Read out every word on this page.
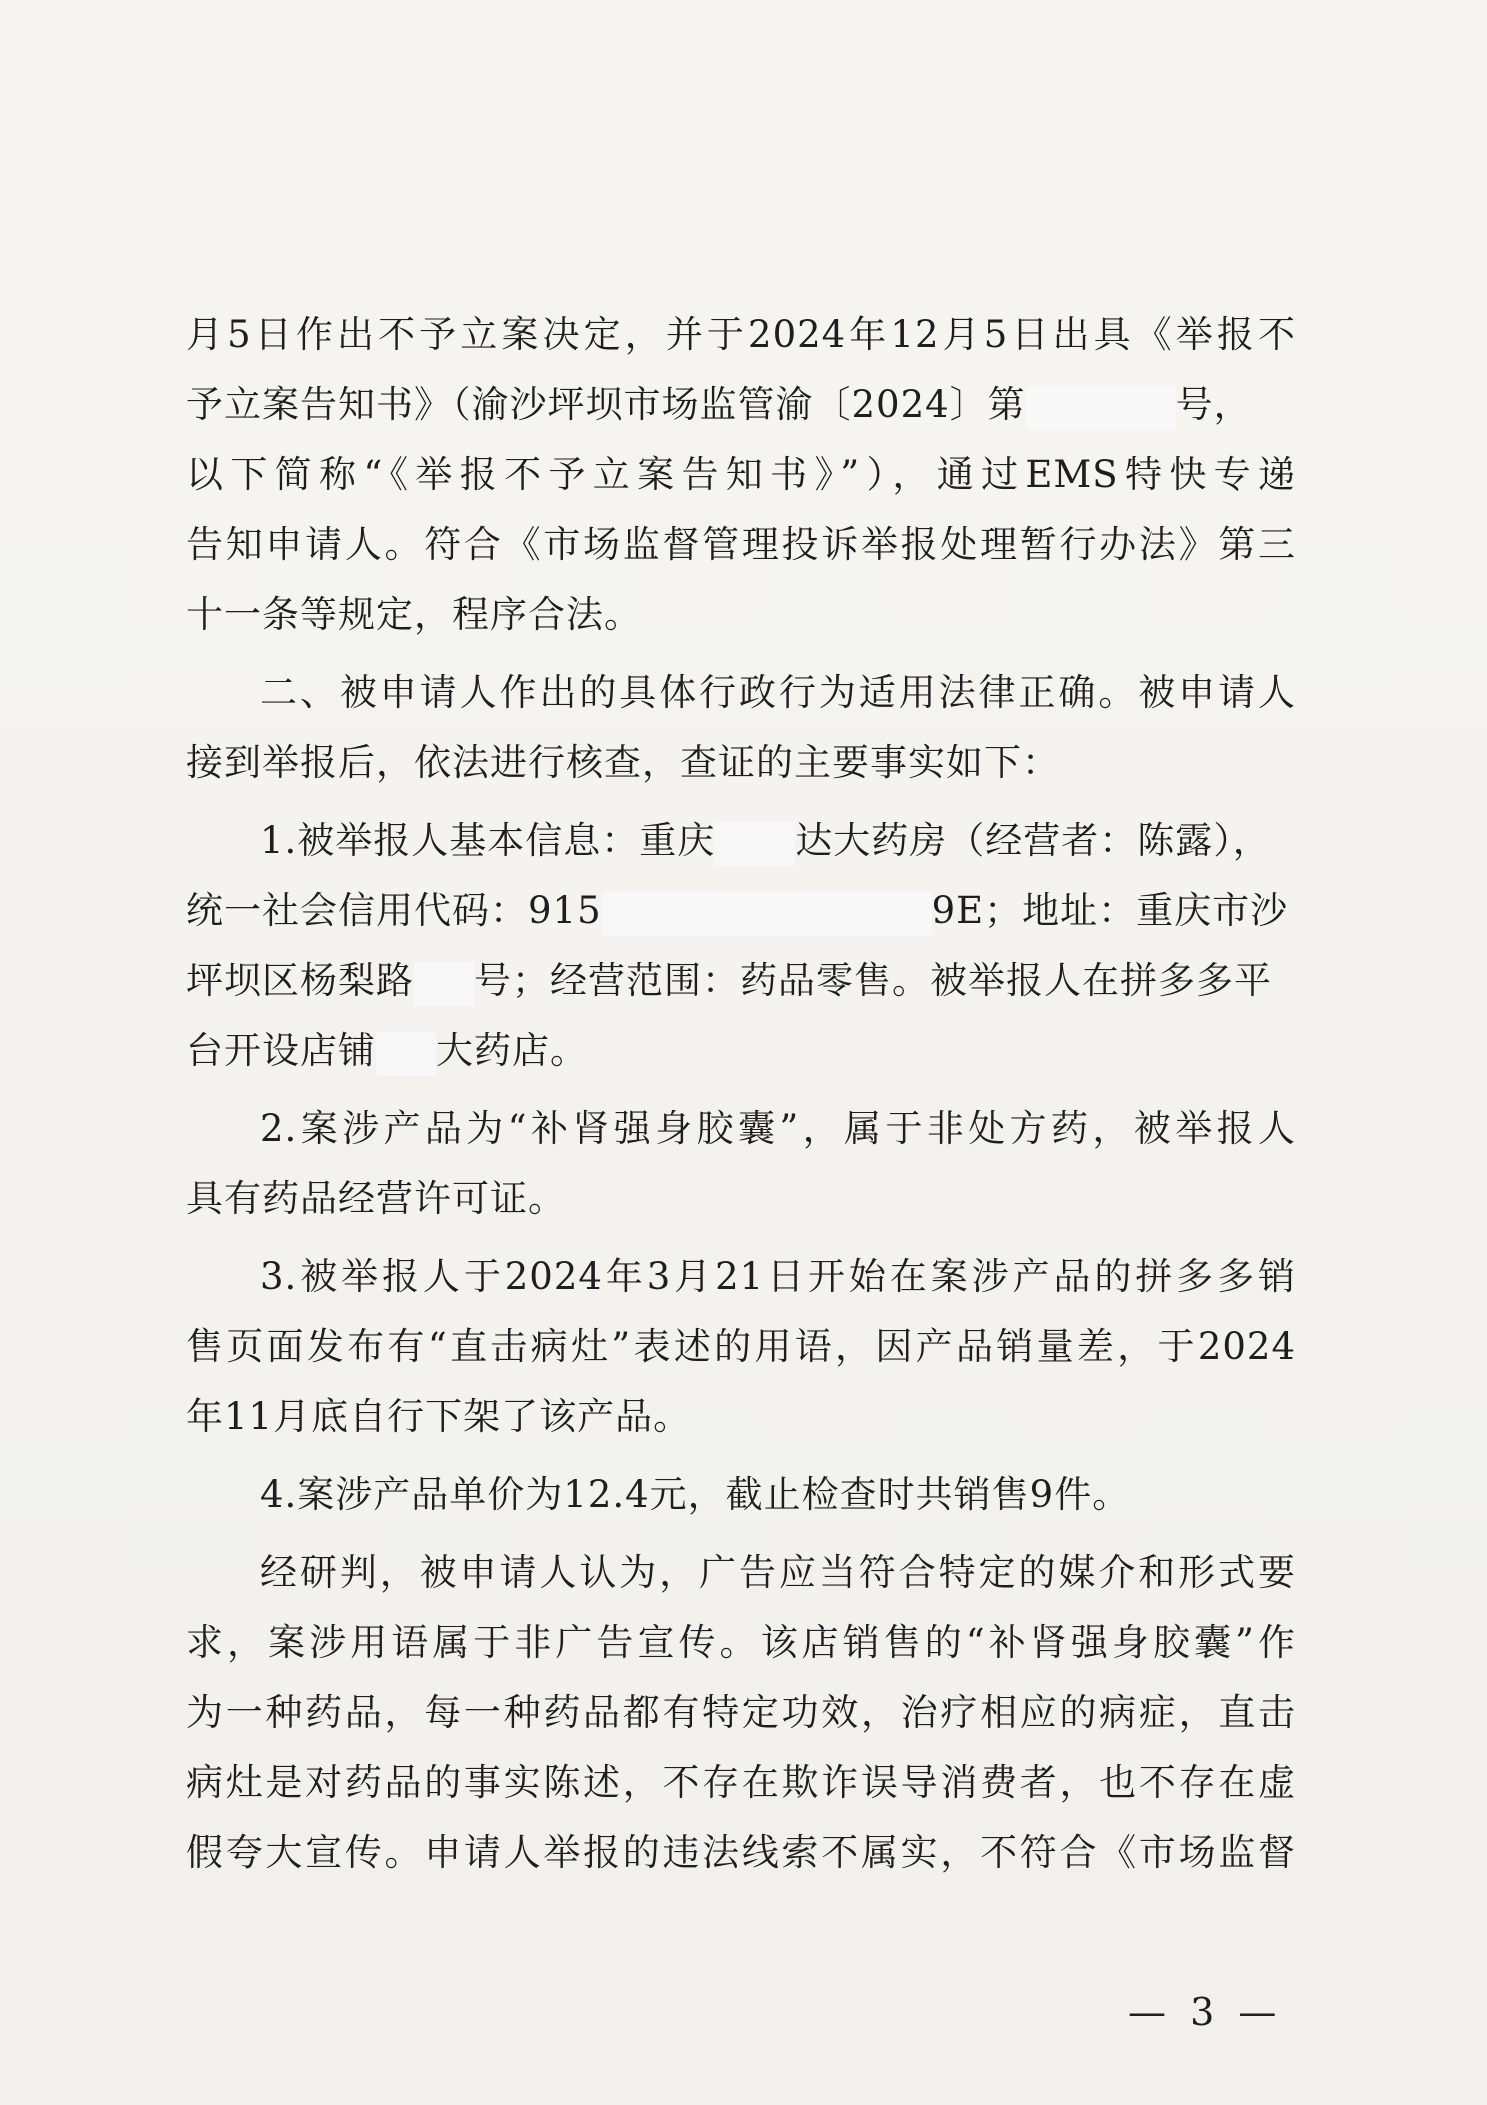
月5日作出不予立案决定，并于2024年12月5日出具《举报不
予立案告知书》（渝沙坪坝市场监管渝〔2024〕第	号，
以下简称“《举报不予立案告知书》”），通过EMS特快专递
告知申请人。符合《市场监督管理投诉举报处理暂行办法》第三
十一条等规定，程序合法。
二、被申请人作出的具体行政行为适用法律正确。被申请人
接到举报后，依法进行核查，查证的主要事实如下：
1.被举报人基本信息：重庆 达大药房（经营者：陈露），
统一社会信用代码：915	9E；地址：重庆市沙
坪坝区杨梨路 号；经营范围：药品零售。被举报人在拼多多平
台开设店铺 大药店。
2.案涉产品为“补肾强身胶囊”，属于非处方药，被举报人
具有药品经营许可证。
3.被举报人于2024年3月21日开始在案涉产品的拼多多销
售页面发布有“直击病灶”表述的用语，因产品销量差，于2024
年11月底自行下架了该产品。
4.案涉产品单价为12.4元，截止检查时共销售9件。
经研判，被申请人认为，广告应当符合特定的媒介和形式要
求，案涉用语属于非广告宣传。该店销售的“补肾强身胶囊”作
为一种药品，每一种药品都有特定功效，治疗相应的病症，直击
病灶是对药品的事实陈述，不存在欺诈误导消费者，也不存在虚
假夸大宣传。申请人举报的违法线索不属实，不符合《市场监督
— 3 —
